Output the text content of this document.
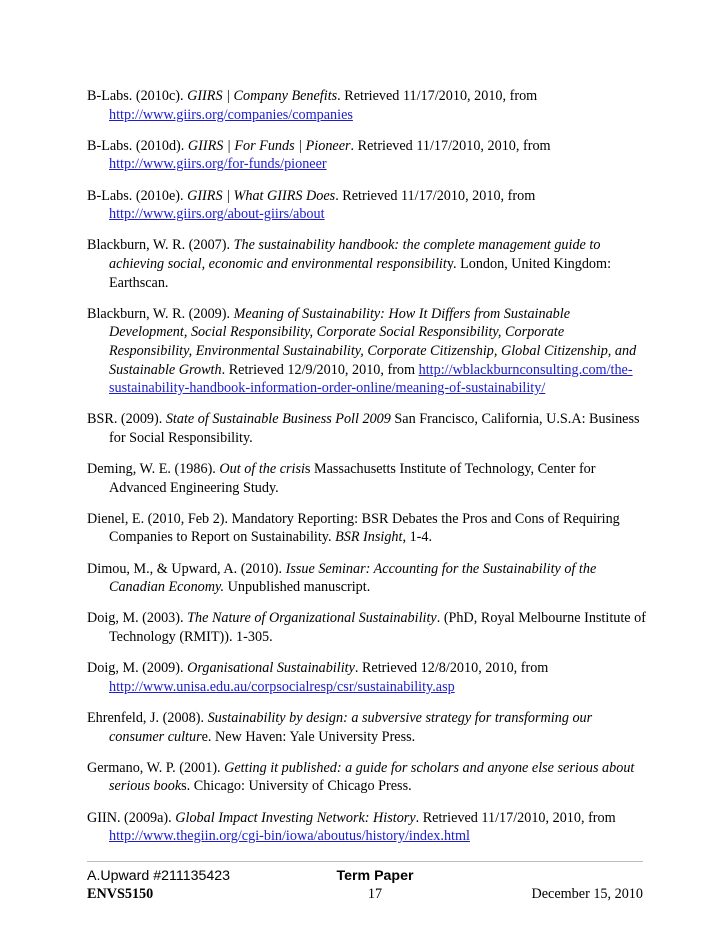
B-Labs. (2010c). GIIRS | Company Benefits. Retrieved 11/17/2010, 2010, from http://www.giirs.org/companies/companies

B-Labs. (2010d). GIIRS | For Funds | Pioneer. Retrieved 11/17/2010, 2010, from http://www.giirs.org/for-funds/pioneer

B-Labs. (2010e). GIIRS | What GIIRS Does. Retrieved 11/17/2010, 2010, from http://www.giirs.org/about-giirs/about

Blackburn, W. R. (2007). The sustainability handbook: the complete management guide to achieving social, economic and environmental responsibility. London, United Kingdom: Earthscan.

Blackburn, W. R. (2009). Meaning of Sustainability: How It Differs from Sustainable Development, Social Responsibility, Corporate Social Responsibility, Corporate Responsibility, Environmental Sustainability, Corporate Citizenship, Global Citizenship, and Sustainable Growth. Retrieved 12/9/2010, 2010, from http://wblackburnconsulting.com/the-sustainability-handbook-information-order-online/meaning-of-sustainability/

BSR. (2009). State of Sustainable Business Poll 2009 San Francisco, California, U.S.A: Business for Social Responsibility.

Deming, W. E. (1986). Out of the crisis Massachusetts Institute of Technology, Center for Advanced Engineering Study.

Dienel, E. (2010, Feb 2). Mandatory Reporting: BSR Debates the Pros and Cons of Requiring Companies to Report on Sustainability. BSR Insight, 1-4.

Dimou, M., & Upward, A. (2010). Issue Seminar: Accounting for the Sustainability of the Canadian Economy. Unpublished manuscript.

Doig, M. (2003). The Nature of Organizational Sustainability. (PhD, Royal Melbourne Institute of Technology (RMIT)). 1-305.

Doig, M. (2009). Organisational Sustainability. Retrieved 12/8/2010, 2010, from http://www.unisa.edu.au/corpsocialresp/csr/sustainability.asp

Ehrenfeld, J. (2008). Sustainability by design: a subversive strategy for transforming our consumer culture. New Haven: Yale University Press.

Germano, W. P. (2001). Getting it published: a guide for scholars and anyone else serious about serious books. Chicago: University of Chicago Press.

GIIN. (2009a). Global Impact Investing Network: History. Retrieved 11/17/2010, 2010, from http://www.thegiin.org/cgi-bin/iowa/aboutus/history/index.html

A.Upward #211135423	Term Paper
ENVS5150	17	December 15, 2010
